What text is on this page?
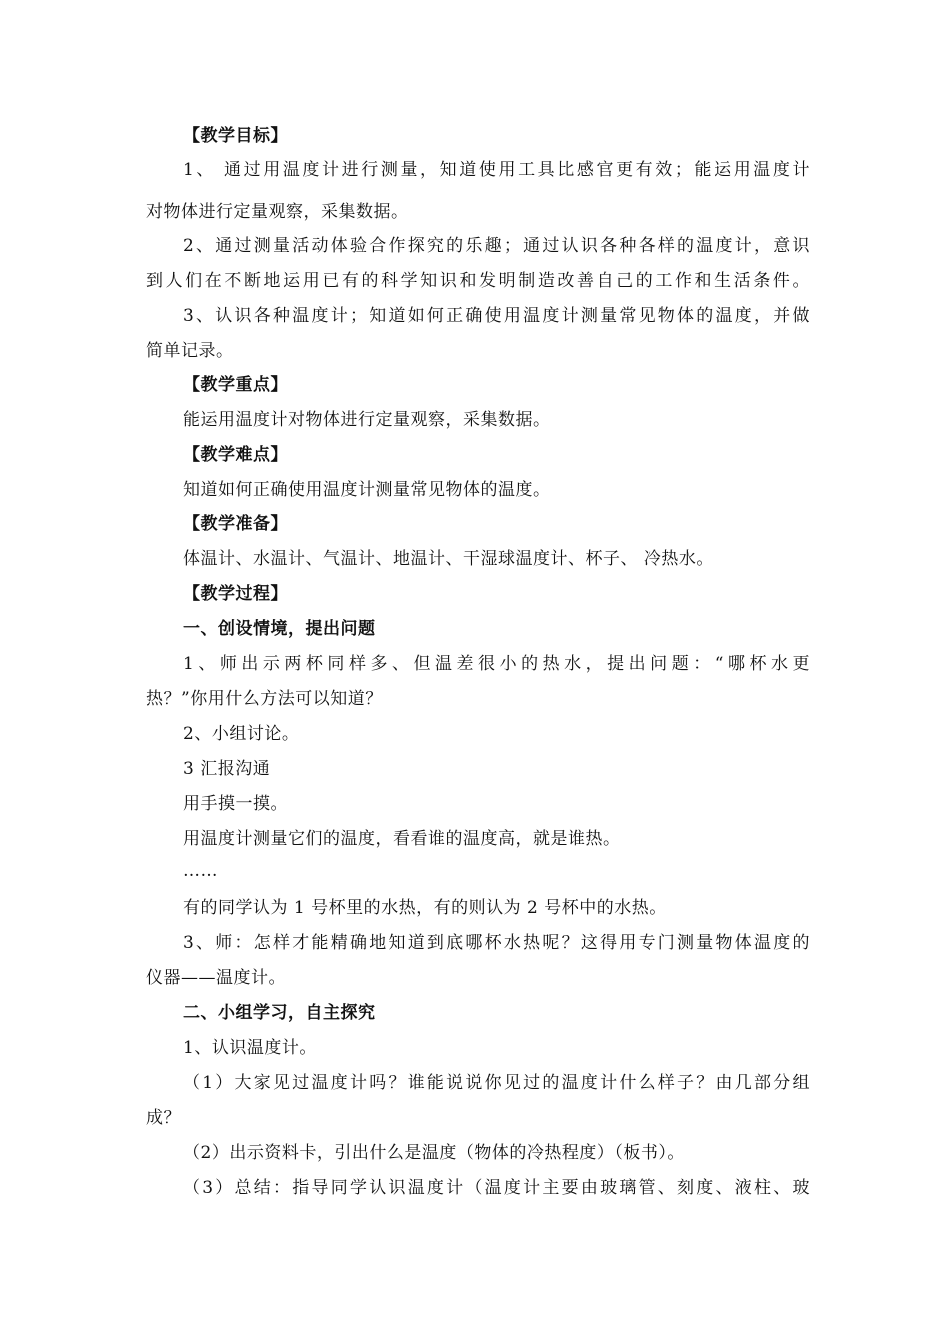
【教学目标】
1、 通过用温度计进行测量，知道使用工具比感官更有效；能运用温度计
对物体进行定量观察，采集数据。
2、通过测量活动体验合作探究的乐趣；通过认识各种各样的温度计，意识
到人们在不断地运用已有的科学知识和发明制造改善自己的工作和生活条件。
3、认识各种温度计；知道如何正确使用温度计测量常见物体的温度，并做
简单记录。
【教学重点】
能运用温度计对物体进行定量观察，采集数据。
【教学难点】
知道如何正确使用温度计测量常见物体的温度。
【教学准备】
体温计、水温计、气温计、地温计、干湿球温度计、杯子、 冷热水。
【教学过程】
一、创设情境，提出问题
1、师出示两杯同样多、但温差很小的热水，提出问题：“哪杯水更
热？”你用什么方法可以知道？
2、小组讨论。
3 汇报沟通
用手摸一摸。
用温度计测量它们的温度，看看谁的温度高，就是谁热。
……
有的同学认为 1 号杯里的水热，有的则认为 2 号杯中的水热。
3、师：怎样才能精确地知道到底哪杯水热呢？这得用专门测量物体温度的
仪器——温度计。
二、小组学习，自主探究
1、认识温度计。
（1）大家见过温度计吗？谁能说说你见过的温度计什么样子？由几部分组
成？
（2）出示资料卡，引出什么是温度（物体的冷热程度）（板书）。
（3）总结：指导同学认识温度计（温度计主要由玻璃管、刻度、液柱、玻
